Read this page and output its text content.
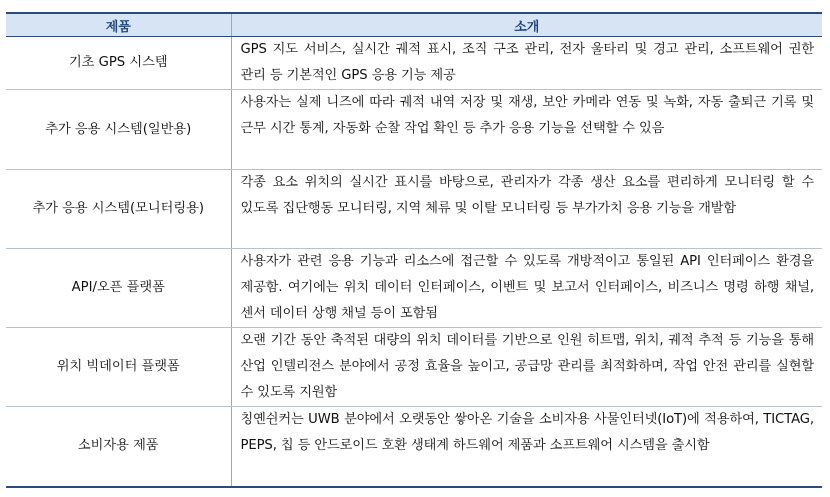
제품	소개
기초 GPS 시스템	GPS 지도 서비스, 실시간 궤적 표시, 조직 구조 관리, 전자 울타리 및 경고 관리, 소프트웨어 권한 관리 등 기본적인 GPS 응용 기능 제공
추가 응용 시스템(일반용)	사용자는 실제 니즈에 따라 궤적 내역 저장 및 재생, 보안 카메라 연동 및 녹화, 자동 출퇴근 기록 및 근무 시간 통계, 자동화 순찰 작업 확인 등 추가 응용 기능을 선택할 수 있음
추가 응용 시스템(모니터링용)	각종 요소 위치의 실시간 표시를 바탕으로, 관리자가 각종 생산 요소를 편리하게 모니터링 할 수 있도록 집단행동 모니터링, 지역 체류 및 이탈 모니터링 등 부가가치 응용 기능을 개발함
API/오픈 플랫폼	사용자가 관련 응용 기능과 리소스에 접근할 수 있도록 개방적이고 통일된 API 인터페이스 환경을 제공함. 여기에는 위치 데이터 인터페이스, 이벤트 및 보고서 인터페이스, 비즈니스 명령 하행 채널, 센서 데이터 상행 채널 등이 포함됨
위치 빅데이터 플랫폼	오랜 기간 동안 축적된 대량의 위치 데이터를 기반으로 인원 히트맵, 위치, 궤적 추적 등 기능을 통해 산업 인텔리전스 분야에서 공정 효율을 높이고, 공급망 관리를 최적화하며, 작업 안전 관리를 실현할 수 있도록 지원함
소비자용 제품	칭옌쉰커는 UWB 분야에서 오랫동안 쌓아온 기술을 소비자용 사물인터넷(IoT)에 적용하여, TICTAG, PEPS, 칩 등 안드로이드 호환 생태계 하드웨어 제품과 소프트웨어 시스템을 출시함
